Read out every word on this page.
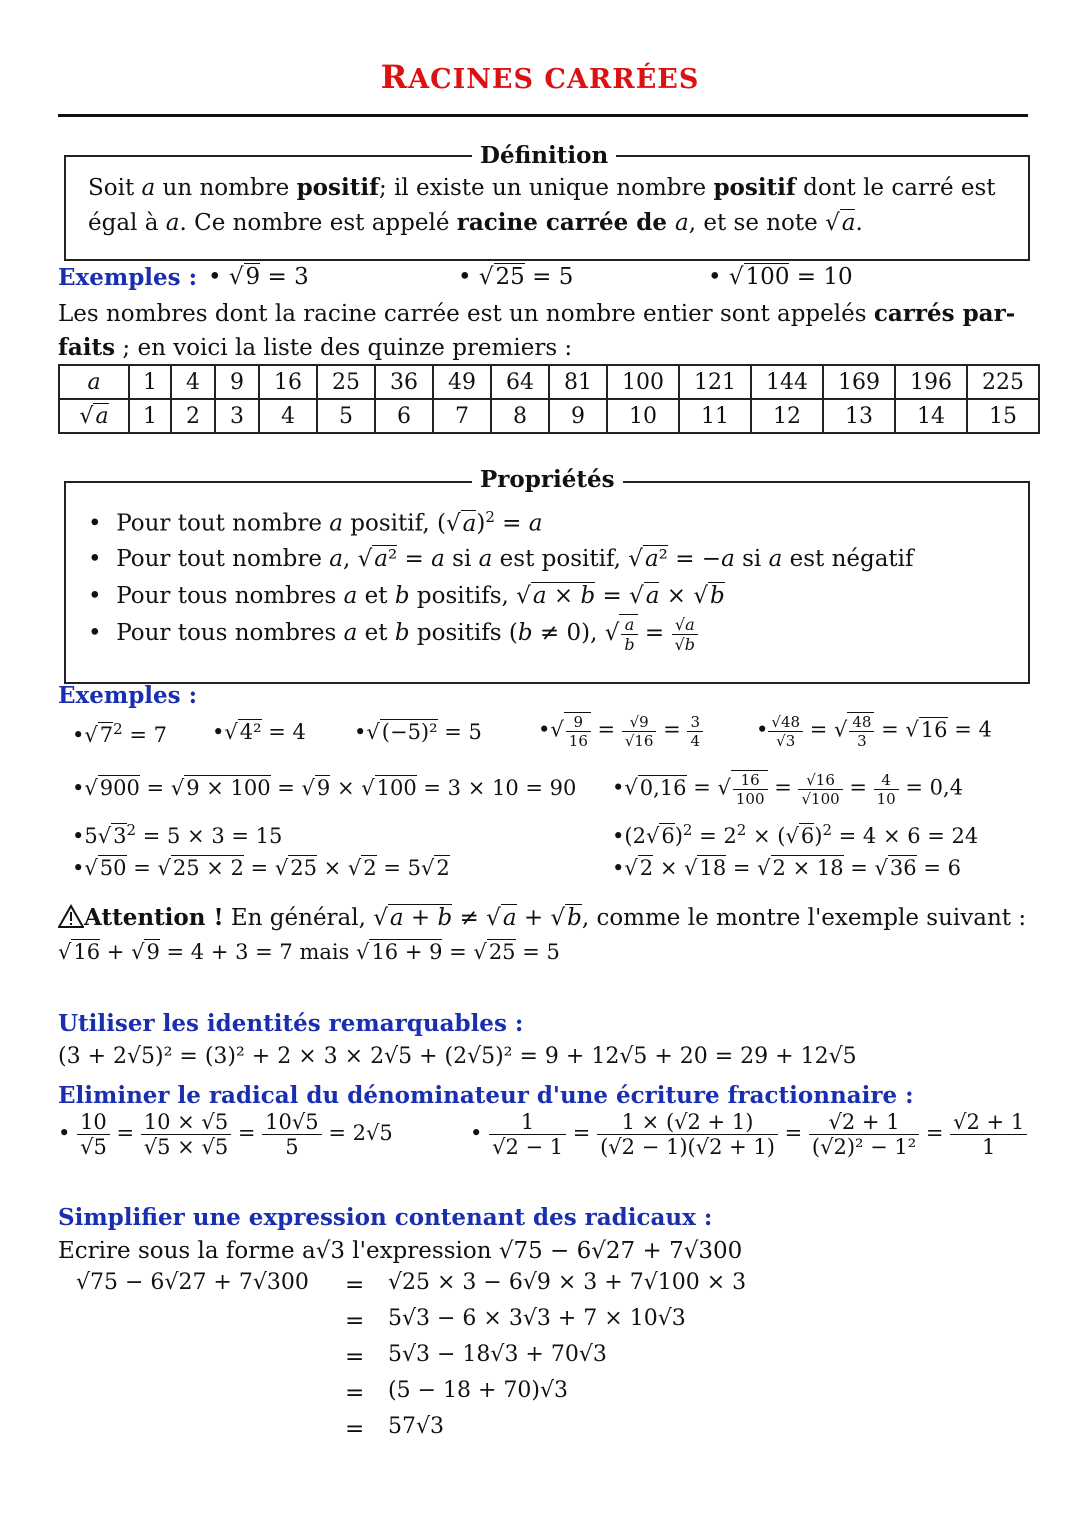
RACINES CARRÉES
Définition
Soit a un nombre positif; il existe un unique nombre positif dont le carré est
égal à a. Ce nombre est appelé racine carrée de a, et se note √a.
Exemples : • √9 = 3	• √25 = 5	• √100 = 10
Les nombres dont la racine carrée est un nombre entier sont appelés carrés par-
faits ; en voici la liste des quinze premiers :
a	1	4	9	16	25	36	49	64	81	100	121	144	169	196	225
√a	1	2	3	4	5	6	7	8	9	10	11	12	13	14	15
Propriétés
•  Pour tout nombre a positif, $(√a)^2 = a$
•  Pour tout nombre a, √a² = a si a est positif, √a² = −a si a est négatif
•  Pour tous nombres a et b positifs, √a × b = √a × √b
•  Pour tous nombres a et b positifs (b ≠ 0), √ $\frac{a}{b} = \frac{√a}{√b}$
Exemples :
$•√7^2 = 7$ •√4² = 4 •√(−5)² = 5	•√ $\frac{9}{16} = \frac{√9}{√16} = \frac{3}{4}$	• $\frac{√48}{√3}$ = √ $\frac{48}{3} = √16 = 4$
•√900 = √9 × 100 = √9 × √100 = 3 × 10 = 90 •√0,16 = √ $\frac{16}{100} = \frac{√16}{√100} = \frac{4}{10} = 0,4$
$•5√3^2 = 5 \times 3 = 15$	$•(2√6)^2 = 2^2 \times (√6)^2 = 4 \times 6 = 24$
•√50 = √25 × 2 = √25 × √2 = 5√2	•√2 × √18 = √2 × 18 = √36 = 6
Attention ! En général, √a + b ≠ √a + √b, comme le montre l'exemple suivant :
√16 + √9 = 4 + 3 = 7 mais √16 + 9 = √25 = 5
Utiliser les identités remarquables :
(3 + 2√5)² = (3)² + 2 × 3 × 2√5 + (2√5)² = 9 + 12√5 + 20 = 29 + 12√5
Eliminer le radical du dénominateur d'une écriture fractionnaire :
• $\frac{10}{√5} = \frac{10 \times √5}{√5 \times √5} = \frac{10√5}{5} = 2√5$	• $\frac{1}{√2 - 1} = \frac{1 \times (√2 + 1)}{(√2 - 1)(√2 + 1)} = \frac{√2 + 1}{\text{(√2)² − 1²}} = \frac{√2 + 1}{1}$
Simplifier une expression contenant des radicaux :
Ecrire sous la forme a√3 l'expression √75 − 6√27 + 7√300
√75 − 6√27 + 7√300 = √25 × 3 − 6√9 × 3 + 7√100 × 3
= 5√3 − 6 × 3√3 + 7 × 10√3
= 5√3 − 18√3 + 70√3
= (5 − 18 + 70)√3
= 57√3
